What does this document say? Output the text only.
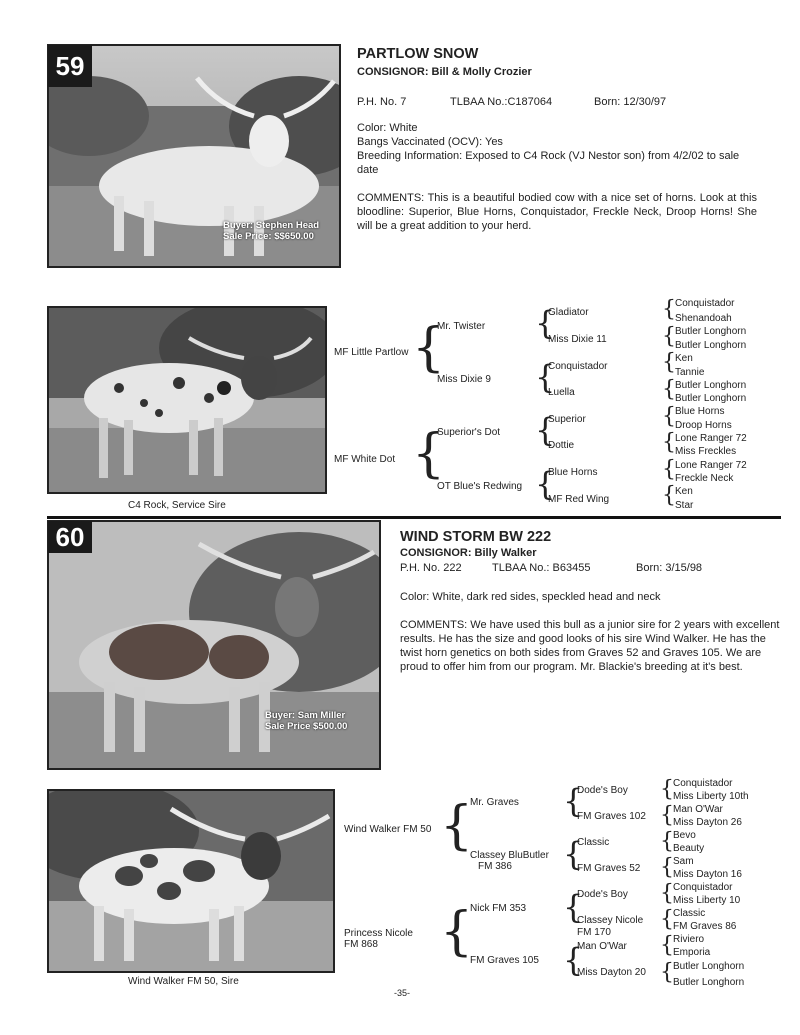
59
Buyer: Stephen Head
Sale Price: $$650.00
PARTLOW SNOW
CONSIGNOR: Bill & Molly Crozier
P.H. No. 7	TLBAA No.:C187064	Born: 12/30/97
Color: White
Bangs Vaccinated (OCV): Yes
Breeding Information: Exposed to C4 Rock (VJ Nestor son) from 4/2/02 to sale date
COMMENTS: This is a beautiful bodied cow with a nice set of horns. Look at this bloodline: Superior, Blue Horns, Conquistador, Freckle Neck, Droop Horns! She will be a great addition to your herd.
C4 Rock, Service Sire
MF Little Partlow
MF White Dot
{
{
Mr. Twister
Miss Dixie 9
Superior's Dot
OT Blue's Redwing
{
{
{
{
Gladiator
Miss Dixie 11
Conquistador
Luella
Superior
Dottie
Blue Horns
MF Red Wing
{
{
{
{
{
{
{
{
Conquistador
Shenandoah
Butler Longhorn
Butler Longhorn
Ken
Tannie
Butler Longhorn
Butler Longhorn
Blue Horns
Droop Horns
Lone Ranger 72
Miss Freckles
Lone Ranger 72
Freckle Neck
Ken
Star
60
Buyer: Sam Miller
Sale Price $500.00
WIND STORM BW 222
CONSIGNOR: Billy Walker
P.H. No. 222	TLBAA No.: B63455	Born: 3/15/98
Color: White, dark red sides, speckled head and neck
COMMENTS: We have used this bull as a junior sire for 2 years with excellent results. He has the size and good looks of his sire Wind Walker. He has the twist horn genetics on both sides from Graves 52 and Graves 105. We are proud to offer him from our program. Mr. Blackie's breeding at it's best.
Wind Walker FM 50, Sire
Wind Walker FM 50
Princess Nicole
FM 868
{
{
Mr. Graves
Classey BluButler
FM 386
Nick FM 353
FM Graves 105
{
{
{
{
Dode's Boy
FM Graves 102
Classic
FM Graves 52
Dode's Boy
Classey Nicole
FM 170
Man O'War
Miss Dayton 20
{
{
{
{
{
{
{
{
Conquistador
Miss Liberty 10th
Man O'War
Miss Dayton 26
Bevo
Beauty
Sam
Miss Dayton 16
Conquistador
Miss Liberty 10
Classic
FM Graves 86
Riviero
Emporia
Butler Longhorn
Butler Longhorn
-35-
